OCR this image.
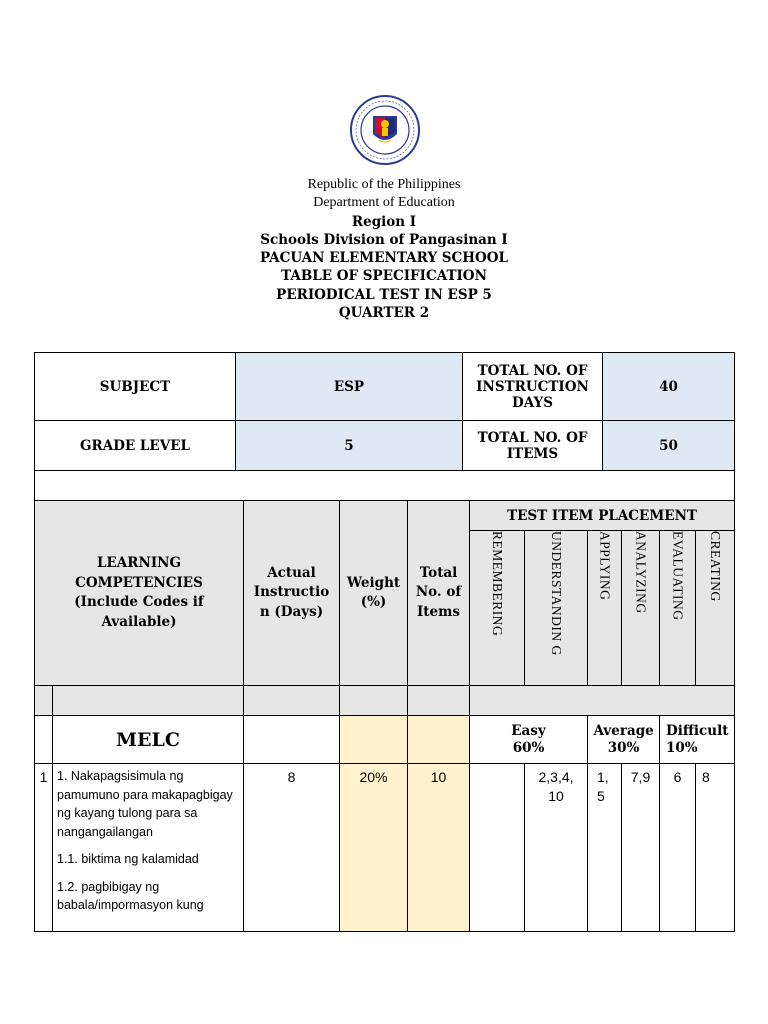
Republic of the Philippines
Department of Education
Region I
Schools Division of Pangasinan I
PACUAN ELEMENTARY SCHOOL
TABLE OF SPECIFICATION
PERIODICAL TEST IN ESP 5
QUARTER 2
SUBJECT	ESP	TOTAL NO. OF INSTRUCTION DAYS	40
GRADE LEVEL	5	TOTAL NO. OF ITEMS	50

LEARNING COMPETENCIES (Include Codes if Available)		Actual Instructio n (Days)	Weight (%)	Total No. of Items	TEST ITEM PLACEMENT					
					REMEMBERING	UNDERSTANDIN G	APPLYING	ANALYZING	EVALUATING	CREATING

	MELC				Easy 60%		Average 30%		Difficult 10%	
1	1. Nakapagsisimula ng pamumuno para makapagbigay ng kayang tulong para sa nangangailangan

1.1. biktima ng kalamidad

1.2. pagbibigay ng babala/impormasyon kung	8	20%	10		2,3,4, 10	1, 5	7,9	6	8
